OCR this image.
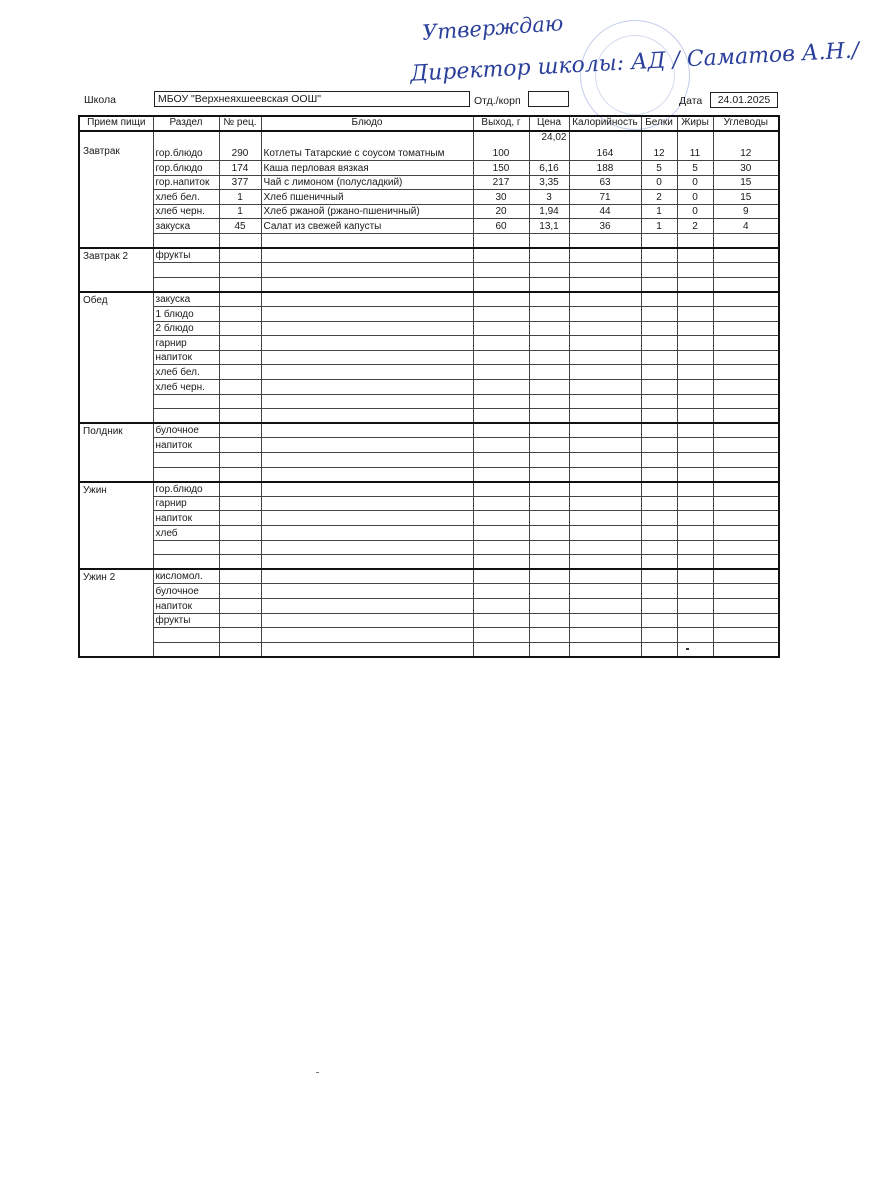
Утверждаю
Директор школы: АД / Саматов А.Н./
Школа	МБОУ "Верхнеяхшеевская ООШ"	Отд./корп	Дата	24.01.2025
Прием пищи	Раздел	№ рец.	Блюдо	Выход, г	Цена	Калорийность	Белки	Жиры	Углеводы
Завтрак	гор.блюдо	290	Котлеты Татарские с соусом томатным	100	24,02	164	12	11	12
	гор.блюдо	174	Каша перловая вязкая	150	6,16	188	5	5	30
	гор.напиток	377	Чай с лимоном (полусладкий)	217	3,35	63	0	0	15
	хлеб бел.	1	Хлеб пшеничный	30	3	71	2	0	15
	хлеб черн.	1	Хлеб ржаной (ржано-пшеничный)	20	1,94	44	1	0	9
	закуска	45	Салат из свежей капусты	60	13,1	36	1	2	4

Завтрак 2	фрукты								

Обед	закуска								
	1 блюдо								
	2 блюдо								
	гарнир								
	напиток								
	хлеб бел.								
	хлеб черн.								

Полдник	булочное								
	напиток								

Ужин	гор.блюдо								
	гарнир								
	напиток								
	хлеб								

Ужин 2	кисломол.								
	булочное								
	напиток								
	фрукты								
